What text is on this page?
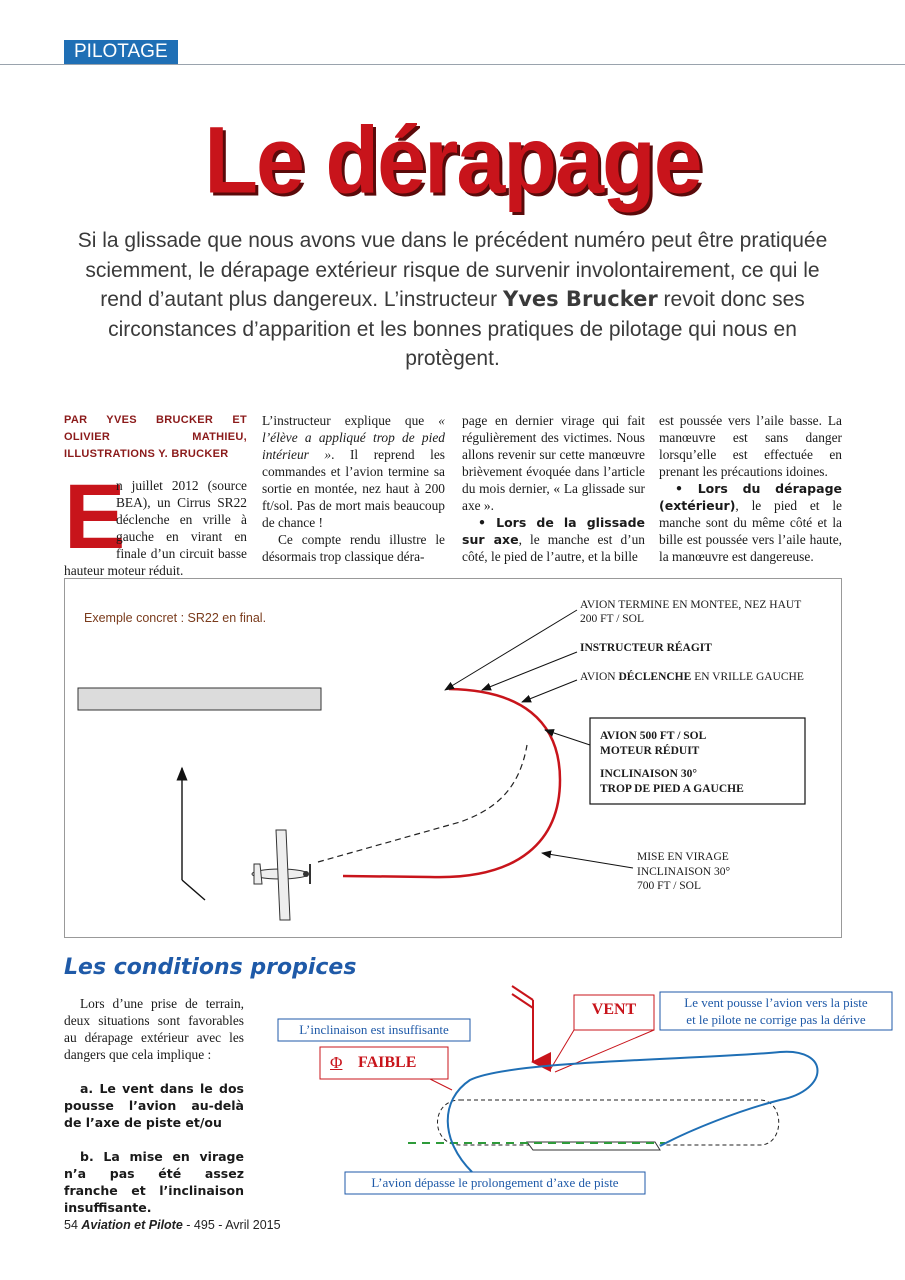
PILOTAGE
Le dérapage
Si la glissade que nous avons vue dans le précédent numéro peut être pratiquée sciemment, le dérapage extérieur risque de survenir involontairement, ce qui le rend d’autant plus dangereux. L’instructeur Yves Brucker revoit donc ses circonstances d’apparition et les bonnes pratiques de pilotage qui nous en protègent.
PAR YVES BRUCKER ET OLIVIER MATHIEU, ILLUSTRATIONS Y. BRUCKER
E

n juillet 2012 (source BEA), un Cirrus SR22 déclenche en vrille à gauche en virant en finale d’un circuit basse hauteur moteur réduit.

L’instructeur explique que « l’élève a appliqué trop de pied intérieur ». Il reprend les commandes et l’avion termine sa sortie en montée, nez haut à 200 ft/sol. Pas de mort mais beaucoup de chance !

Ce compte rendu illustre le désormais trop classique déra-

page en dernier virage qui fait régulièrement des victimes. Nous allons revenir sur cette manœuvre brièvement évoquée dans l’article du mois dernier, « La glissade sur axe ».

• Lors de la glissade sur axe, le manche est d’un côté, le pied de l’autre, et la bille

est poussée vers l’aile basse. La manœuvre est sans danger lorsqu’elle est effectuée en prenant les précautions idoines.

• Lors du dérapage (extérieur), le pied et le manche sont du même côté et la bille est poussée vers l’aile haute, la manœuvre est dangereuse.

Exemple concret : SR22 en final.
AVION TERMINE EN MONTEE, NEZ HAUT
200 FT / SOL
INSTRUCTEUR RÉAGIT
AVION DÉCLENCHE EN VRILLE GAUCHE
AVION 500 FT / SOL
MOTEUR RÉDUIT
INCLINAISON 30°
TROP DE PIED A GAUCHE
MISE EN VIRAGE
INCLINAISON 30°
700 FT / SOL
Les conditions propices

Lors d’une prise de terrain, deux situations sont favorables au dérapage extérieur avec les dangers que cela implique :

a. Le vent dans le dos pousse l’avion au-delà de l’axe de piste et/ou

b. La mise en virage n’a pas été assez franche et l’inclinaison insuffisante.

VENT	Le vent pousse l’avion vers la piste
et le pilote ne corrige pas la dérive
L’inclinaison est insuffisante
Φ FAIBLE
L’avion dépasse le prolongement d’axe de piste
54 Aviation et Pilote - 495 - Avril 2015
